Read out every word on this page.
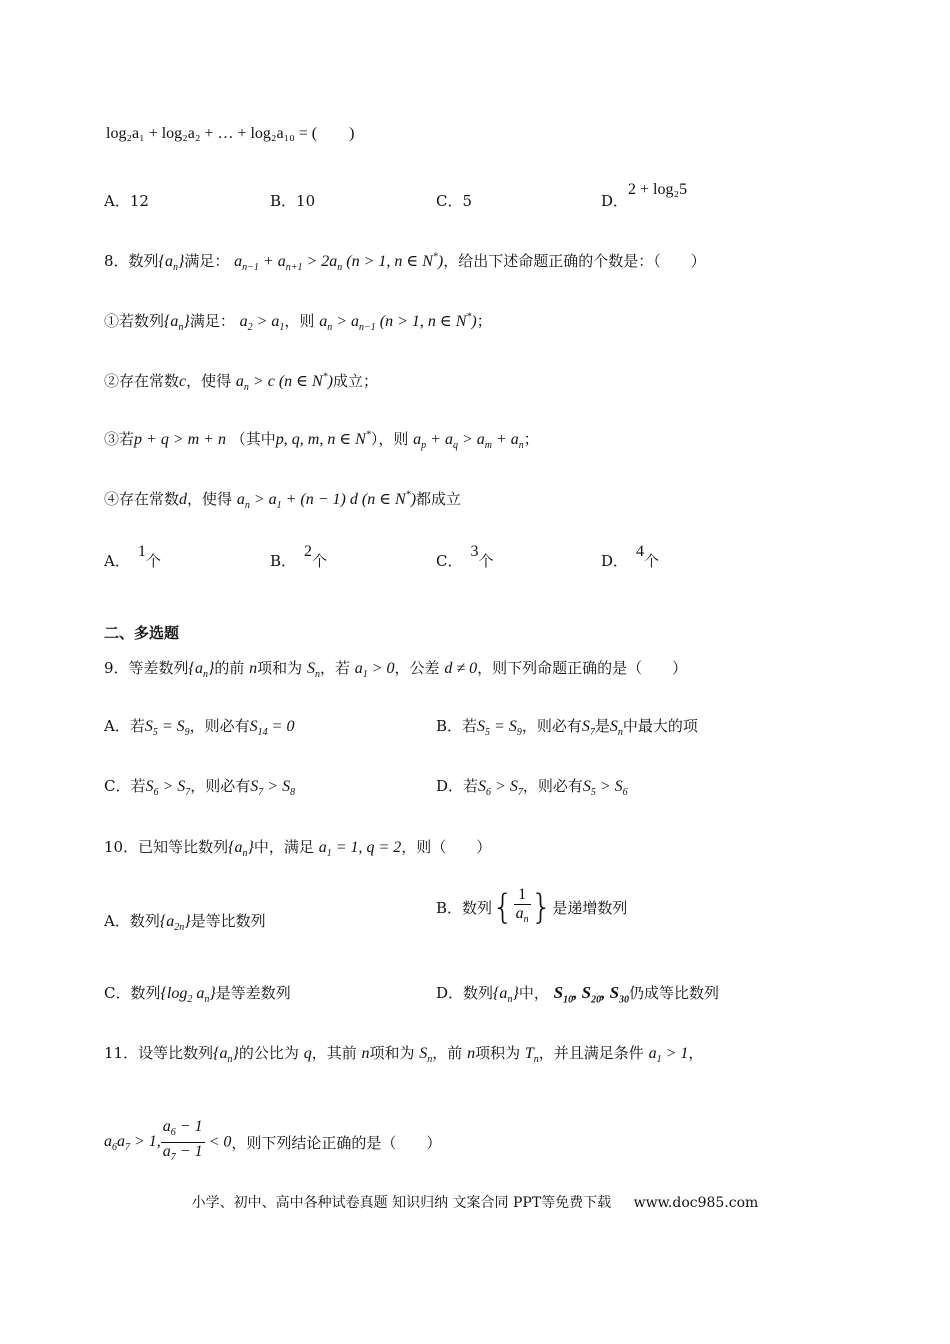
log₂a₁ + log₂a₂ + … + log₂a₁₀ = (　　)
A．12	B．10	C．5	D．2 + log₂5
8．数列$\{a_n\}$满足： $a_{n-1} + a_{n+1} > 2a_n$ (n > 1, n ∈ N*)，给出下述命题正确的个数是：（　　）
①若数列$\{a_n\}$满足： $a_2 > a_1$，则 $a_n > a_{n-1}$ (n > 1, n ∈ N*)；
②存在常数c，使得 $a_n > c$ (n ∈ N*)成立；
③若p + q > m + n （其中p, q, m, n ∈ N*），则 $a_p + a_q > a_m + a_n$；
④存在常数d，使得 $a_n > a_1 + (n - 1)$ d (n ∈ N*)都成立
A．1个	B．2个	C．3个	D．4个
二、多选题
9．等差数列$\{a_n\}$的前 n项和为 $S_n$，若 $a_1 > 0$，公差 d ≠ 0，则下列命题正确的是（　　）
A．若$S_5 = S_9$，则必有$S_{14} = 0$	B．若$S_5 = S_9$，则必有$S_7$是$S_n$中最大的项
C．若$S_6 > S_7$，则必有$S_7 > S_8$	D．若$S_6 > S_7$，则必有$S_5 > S_6$
10．已知等比数列$\{a_n\}$中，满足 $a_1 = 1$, q = 2，则（　　）
A．数列$\{a_{2n}\}$是等比数列
B．数列{ $\frac{1}{a_n}$ }是递增数列
C．数列{$\log_2$ $a_n$}是等差数列	D．数列$\{a_n\}$中， $S_{10}$, $S_{20}$, $S_{30}$仍成等比数列
11．设等比数列$\{a_n\}$的公比为 q，其前 n项和为 $S_n$，前 n项积为 $T_n$，并且满足条件 $a_1 > 1$，
$a_6a_7 > 1$, $\frac{a_6 - 1}{a_7 - 1} < 0$，则下列结论正确的是（　　）
小学、初中、高中各种试卷真题 知识归纳 文案合同 PPT等免费下载 www.doc985.com
